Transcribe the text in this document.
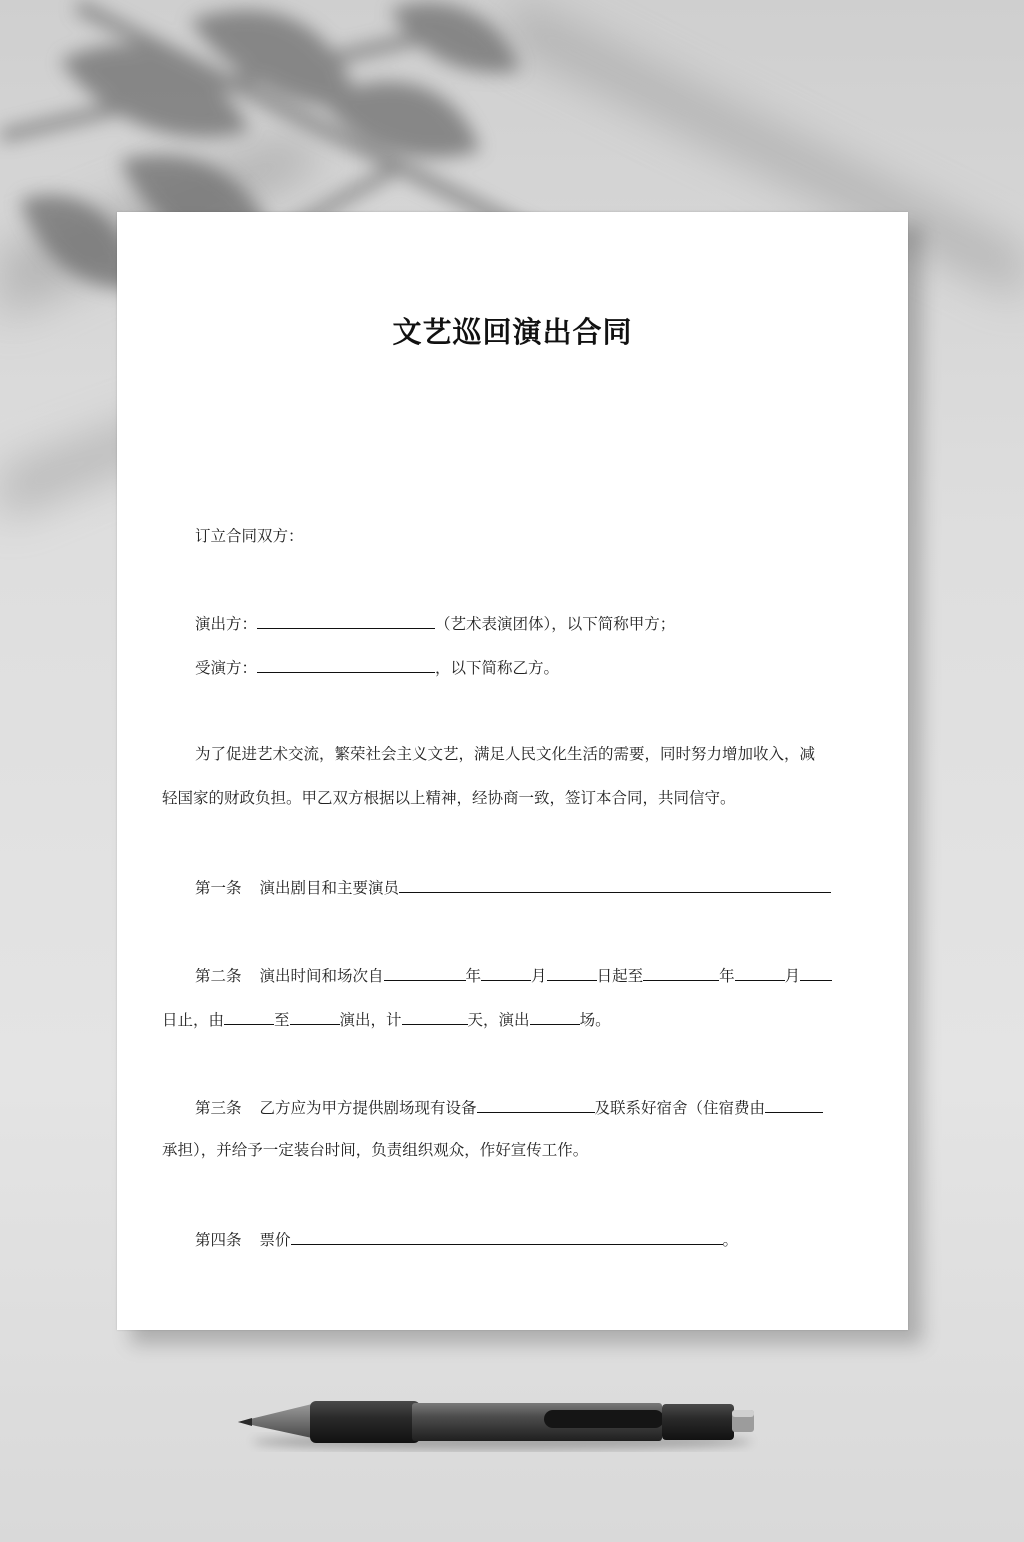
文艺巡回演出合同
订立合同双方：
演出方：	（艺术表演团体），以下简称甲方；
受演方：	，以下简称乙方。
为了促进艺术交流，繁荣社会主义文艺，满足人民文化生活的需要，同时努力增加收入，减
轻国家的财政负担。甲乙双方根据以上精神，经协商一致，签订本合同，共同信守。
第一条 演出剧目和主要演员
第二条 演出时间和场次自	年	月	日起至	年	月
日止，由	至	演出，计	天，演出	场。
第三条 乙方应为甲方提供剧场现有设备	及联系好宿舍（住宿费由
承担），并给予一定装台时间，负责组织观众，作好宣传工作。
第四条 票价	。
